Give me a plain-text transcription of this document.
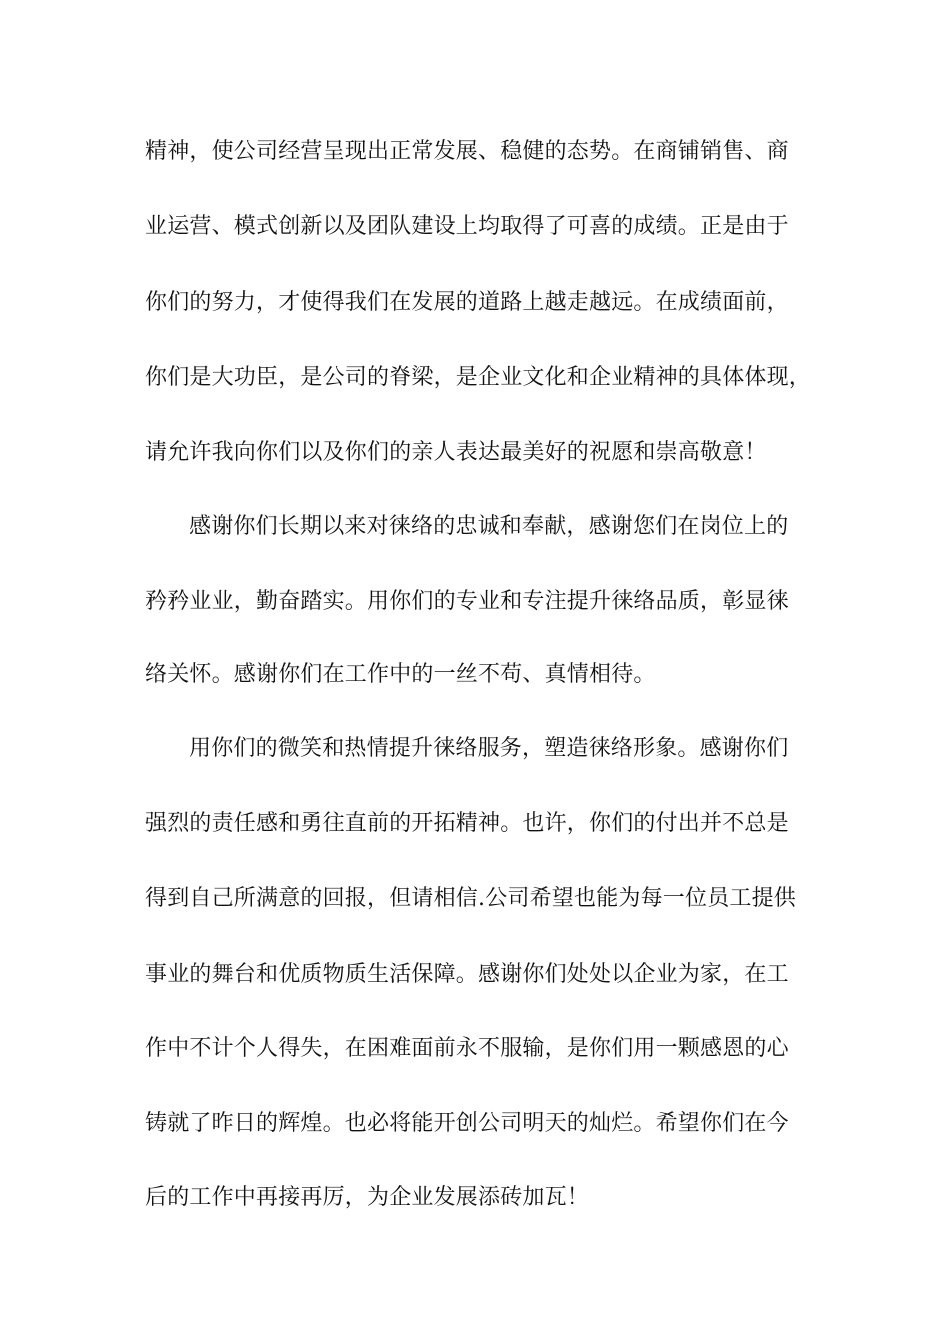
精神，使公司经营呈现出正常发展、稳健的态势。在商铺销售、商
业运营、模式创新以及团队建设上均取得了可喜的成绩。正是由于
你们的努力，才使得我们在发展的道路上越走越远。在成绩面前，
你们是大功臣，是公司的脊梁，是企业文化和企业精神的具体体现，
请允许我向你们以及你们的亲人表达最美好的祝愿和崇高敬意！
感谢你们长期以来对徕络的忠诚和奉献，感谢您们在岗位上的
矜矜业业，勤奋踏实。用你们的专业和专注提升徕络品质，彰显徕
络关怀。感谢你们在工作中的一丝不苟、真情相待。
用你们的微笑和热情提升徕络服务，塑造徕络形象。感谢你们
强烈的责任感和勇往直前的开拓精神。也许，你们的付出并不总是
得到自己所满意的回报，但请相信.公司希望也能为每一位员工提供
事业的舞台和优质物质生活保障。感谢你们处处以企业为家，在工
作中不计个人得失，在困难面前永不服输，是你们用一颗感恩的心
铸就了昨日的辉煌。也必将能开创公司明天的灿烂。希望你们在今
后的工作中再接再厉，为企业发展添砖加瓦！
